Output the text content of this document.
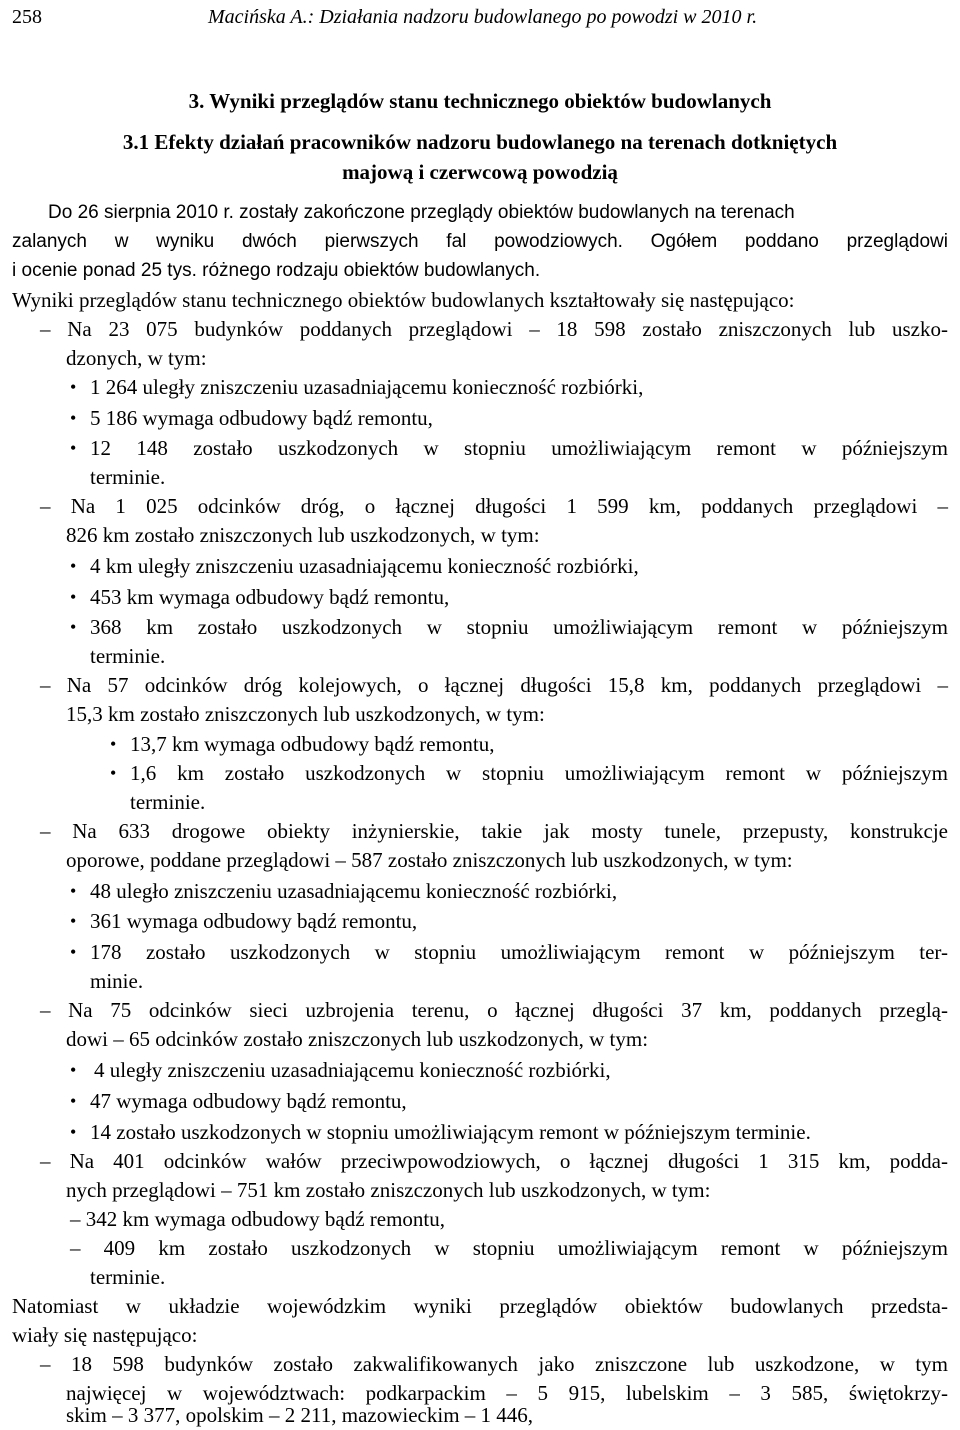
258	Macińska A.: Działania nadzoru budowlanego po powodzi w 2010 r.
3. Wyniki przeglądów stanu technicznego obiektów budowlanych
3.1 Efekty działań pracowników nadzoru budowlanego na terenach dotkniętych
majową i czerwcową powodzią
Do 26 sierpnia 2010 r. zostały zakończone przeglądy obiektów budowlanych na terenach
zalanych w wyniku dwóch pierwszych fal powodziowych. Ogółem poddano przeglądowi
i ocenie ponad 25 tys. różnego rodzaju obiektów budowlanych.
Wyniki przeglądów stanu technicznego obiektów budowlanych kształtowały się następująco:
– Na 23 075 budynków poddanych przeglądowi – 18 598 zostało zniszczonych lub uszko-
dzonych, w tym:
• 1 264 uległy zniszczeniu uzasadniającemu konieczność rozbiórki,
• 5 186 wymaga odbudowy bądź remontu,
• 12 148 zostało uszkodzonych w stopniu umożliwiającym remont w późniejszym
terminie.
– Na 1 025 odcinków dróg, o łącznej długości 1 599 km, poddanych przeglądowi –
826 km zostało zniszczonych lub uszkodzonych, w tym:
• 4 km uległy zniszczeniu uzasadniającemu konieczność rozbiórki,
• 453 km wymaga odbudowy bądź remontu,
• 368 km zostało uszkodzonych w stopniu umożliwiającym remont w późniejszym
terminie.
– Na 57 odcinków dróg kolejowych, o łącznej długości 15,8 km, poddanych przeglądowi –
15,3 km zostało zniszczonych lub uszkodzonych, w tym:
• 13,7 km wymaga odbudowy bądź remontu,
• 1,6 km zostało uszkodzonych w stopniu umożliwiającym remont w późniejszym
terminie.
– Na 633 drogowe obiekty inżynierskie, takie jak mosty tunele, przepusty, konstrukcje
oporowe, poddane przeglądowi – 587 zostało zniszczonych lub uszkodzonych, w tym:
• 48 uległo zniszczeniu uzasadniającemu konieczność rozbiórki,
• 361 wymaga odbudowy bądź remontu,
• 178 zostało uszkodzonych w stopniu umożliwiającym remont w późniejszym ter-
minie.
– Na 75 odcinków sieci uzbrojenia terenu, o łącznej długości 37 km, poddanych przeglą-
dowi – 65 odcinków zostało zniszczonych lub uszkodzonych, w tym:
• 4 uległy zniszczeniu uzasadniającemu konieczność rozbiórki,
• 47 wymaga odbudowy bądź remontu,
• 14 zostało uszkodzonych w stopniu umożliwiającym remont w późniejszym terminie.
– Na 401 odcinków wałów przeciwpowodziowych, o łącznej długości 1 315 km, podda-
nych przeglądowi – 751 km zostało zniszczonych lub uszkodzonych, w tym:
– 342 km wymaga odbudowy bądź remontu,
– 409 km zostało uszkodzonych w stopniu umożliwiającym remont w późniejszym
terminie.
Natomiast w układzie wojewódzkim wyniki przeglądów obiektów budowlanych przedsta-
wiały się następująco:
– 18 598 budynków zostało zakwalifikowanych jako zniszczone lub uszkodzone, w tym
najwięcej w województwach: podkarpackim – 5 915, lubelskim – 3 585, świętokrzy-
skim – 3 377, opolskim – 2 211, mazowieckim – 1 446,
